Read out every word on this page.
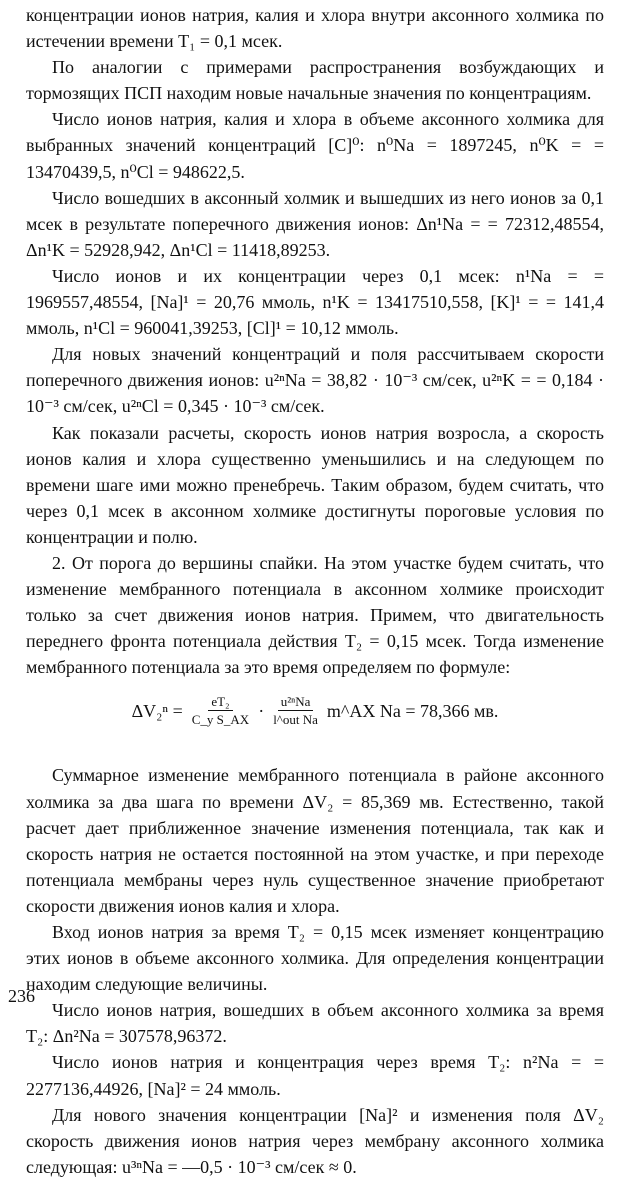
концентрации ионов натрия, калия и хлора внутри аксонного холмика по истечении времени T₁ = 0,1 мсек.

По аналогии с примерами распространения возбуждающих и тормозящих ПСП находим новые начальные значения по концентрациям.

Число ионов натрия, калия и хлора в объеме аксонного холмика для выбранных значений концентраций [C]⁰: n⁰Na = 1897245, n⁰K = = 13470439,5, n⁰Cl = 948622,5.

Число вошедших в аксонный холмик и вышедших из него ионов за 0,1 мсек в результате поперечного движения ионов: Δn¹Na = = 72312,48554, Δn¹K = 52928,942, Δn¹Cl = 11418,89253.

Число ионов и их концентрации через 0,1 мсек: n¹Na = = 1969557,48554, [Na]¹ = 20,76 ммоль, n¹K = 13417510,558, [K]¹ = = 141,4 ммоль, n¹Cl = 960041,39253, [Cl]¹ = 10,12 ммоль.

Для новых значений концентраций и поля рассчитываем скорости поперечного движения ионов: u²ⁿNa = 38,82 · 10⁻³ см/сек, u²ⁿK = = 0,184 · 10⁻³ см/сек, u²ⁿCl = 0,345 · 10⁻³ см/сек.

Как показали расчеты, скорость ионов натрия возросла, а скорость ионов калия и хлора существенно уменьшились и на следующем по времени шаге ими можно пренебречь. Таким образом, будем считать, что через 0,1 мсек в аксонном холмике достигнуты пороговые условия по концентрации и полю.

2. От порога до вершины спайки. На этом участке будем считать, что изменение мембранного потенциала в аксонном холмике происходит только за счет движения ионов натрия. Примем, что двигательность переднего фронта потенциала действия T₂ = 0,15 мсек. Тогда изменение мембранного потенциала за это время определяем по формуле:

$\Delta V_2^n = \frac{\text{eT₂}}{\text{C\_y S\_AX}} \cdot \frac{\text{u²ⁿNa}}{\text{l\textasciicircum{}out Na}}$ m^AX Na = 78,366 мв.

Суммарное изменение мембранного потенциала в районе аксонного холмика за два шага по времени ΔV₂ = 85,369 мв. Естественно, такой расчет дает приближенное значение изменения потенциала, так как и скорость натрия не остается постоянной на этом участке, и при переходе потенциала мембраны через нуль существенное значение приобретают скорости движения ионов калия и хлора.

Вход ионов натрия за время T₂ = 0,15 мсек изменяет концентрацию этих ионов в объеме аксонного холмика. Для определения концентрации находим следующие величины.

Число ионов натрия, вошедших в объем аксонного холмика за время T₂: Δn²Na = 307578,96372.

Число ионов натрия и концентрация через время T₂: n²Na = = 2277136,44926, [Na]² = 24 ммоль.

Для нового значения концентрации [Na]² и изменения поля ΔV₂ скорость движения ионов натрия через мембрану аксонного холмика следующая: u³ⁿNa = —0,5 · 10⁻³ см/сек ≈ 0.

236
